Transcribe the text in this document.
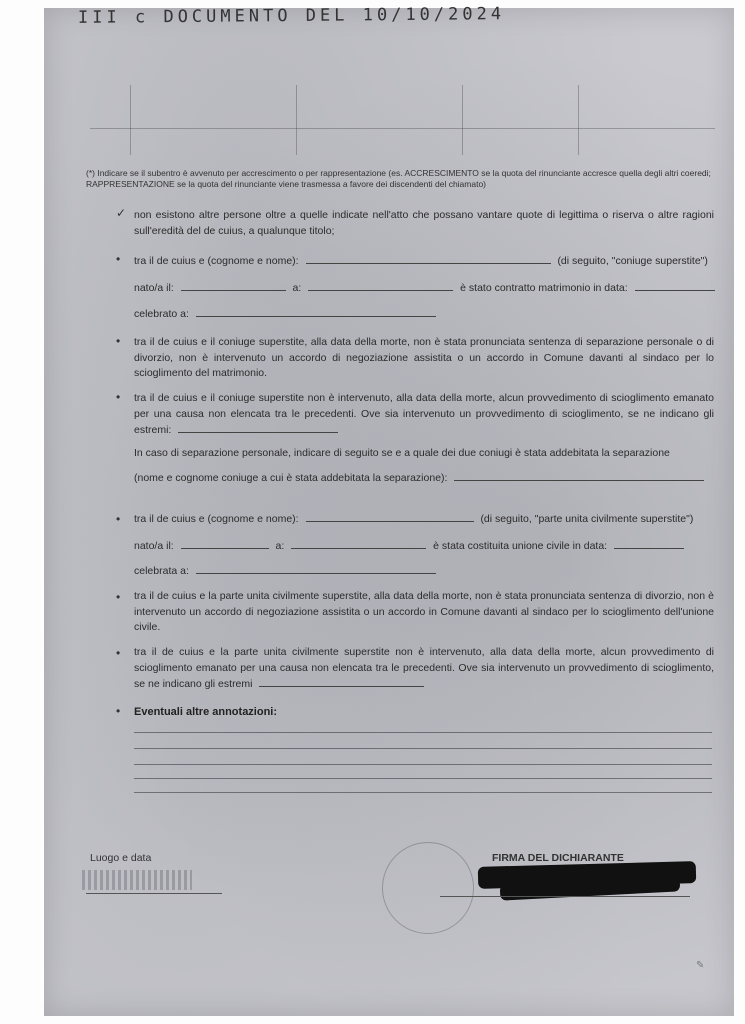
III c DOCUMENTO DEL 10/10/2024
(*) Indicare se il subentro è avvenuto per accrescimento o per rappresentazione (es. ACCRESCIMENTO se la quota del rinunciante accresce quella degli altri coeredi; RAPPRESENTAZIONE se la quota del rinunciante viene trasmessa a favore dei discendenti del chiamato)
✓ non esistono altre persone oltre a quelle indicate nell'atto che possano vantare quote di legittima o riserva o altre ragioni sull'eredità del de cuius, a qualunque titolo;
• tra il de cuius e (cognome e nome):	(di seguito, "coniuge superstite")
nato/a il:	a:	è stato contratto matrimonio in data:
celebrato a:
• tra il de cuius e il coniuge superstite, alla data della morte, non è stata pronunciata sentenza di separazione personale o di divorzio, non è intervenuto un accordo di negoziazione assistita o un accordo in Comune davanti al sindaco per lo scioglimento del matrimonio.
• tra il de cuius e il coniuge superstite non è intervenuto, alla data della morte, alcun provvedimento di scioglimento emanato per una causa non elencata tra le precedenti. Ove sia intervenuto un provvedimento di scioglimento, se ne indicano gli estremi:
In caso di separazione personale, indicare di seguito se e a quale dei due coniugi è stata addebitata la separazione
(nome e cognome coniuge a cui è stata addebitata la separazione):
• tra il de cuius e (cognome e nome):	(di seguito, "parte unita civilmente superstite")
nato/a il:	a:	è stata costituita unione civile in data:
celebrata a:
• tra il de cuius e la parte unita civilmente superstite, alla data della morte, non è stata pronunciata sentenza di divorzio, non è intervenuto un accordo di negoziazione assistita o un accordo in Comune davanti al sindaco per lo scioglimento dell'unione civile.
• tra il de cuius e la parte unita civilmente superstite non è intervenuto, alla data della morte, alcun provvedimento di scioglimento emanato per una causa non elencata tra le precedenti. Ove sia intervenuto un provvedimento di scioglimento, se ne indicano gli estremi
• Eventuali altre annotazioni:
Luogo e data	FIRMA DEL DICHIARANTE
✎
